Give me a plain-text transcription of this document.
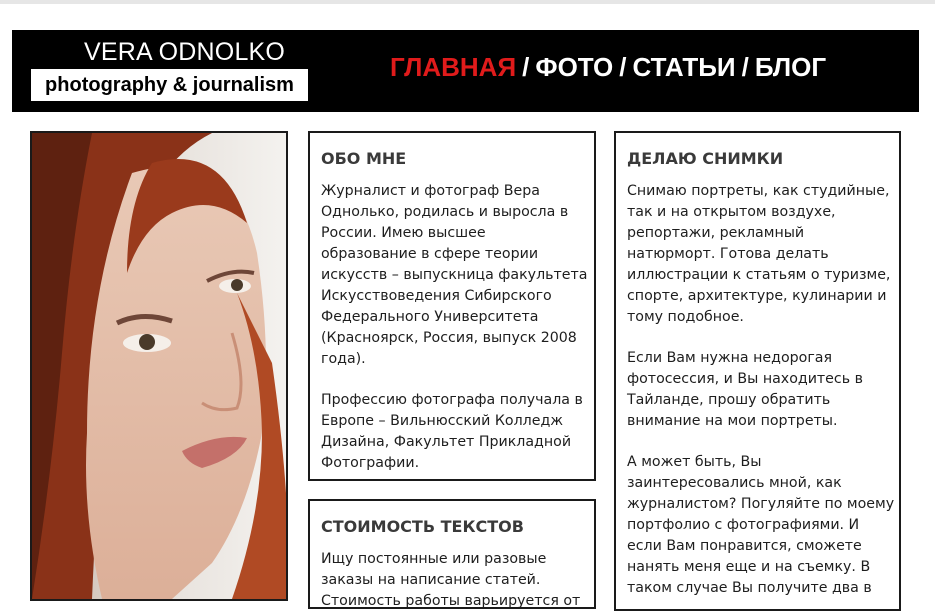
VERA ODNOLKO
photography & journalism
ГЛАВНАЯ / ФОТО / СТАТЬИ / БЛОГ
ОБО МНЕ
Журналист и фотограф Вера
Однолько, родилась и выросла в
России. Имею высшее
образование в сфере теории
искусств – выпускница факультета
Искусствоведения Сибирского
Федерального Университета
(Красноярск, Россия, выпуск 2008
года).
Профессию фотографа получала в
Европе – Вильнюсский Колледж
Дизайна, Факультет Прикладной
Фотографии.
СТОИМОСТЬ ТЕКСТОВ
Ищу постоянные или разовые
заказы на написание статей.
Стоимость работы варьируется от
ДЕЛАЮ СНИМКИ
Снимаю портреты, как студийные,
так и на открытом воздухе,
репортажи, рекламный
натюрморт. Готова делать
иллюстрации к статьям о туризме,
спорте, архитектуре, кулинарии и
тому подобное.
Если Вам нужна недорогая
фотосессия, и Вы находитесь в
Тайланде, прошу обратить
внимание на мои портреты.
А может быть, Вы
заинтересовались мной, как
журналистом? Погуляйте по моему
портфолио с фотографиями. И
если Вам понравится, сможете
нанять меня еще и на съемку. В
таком случае Вы получите два в
